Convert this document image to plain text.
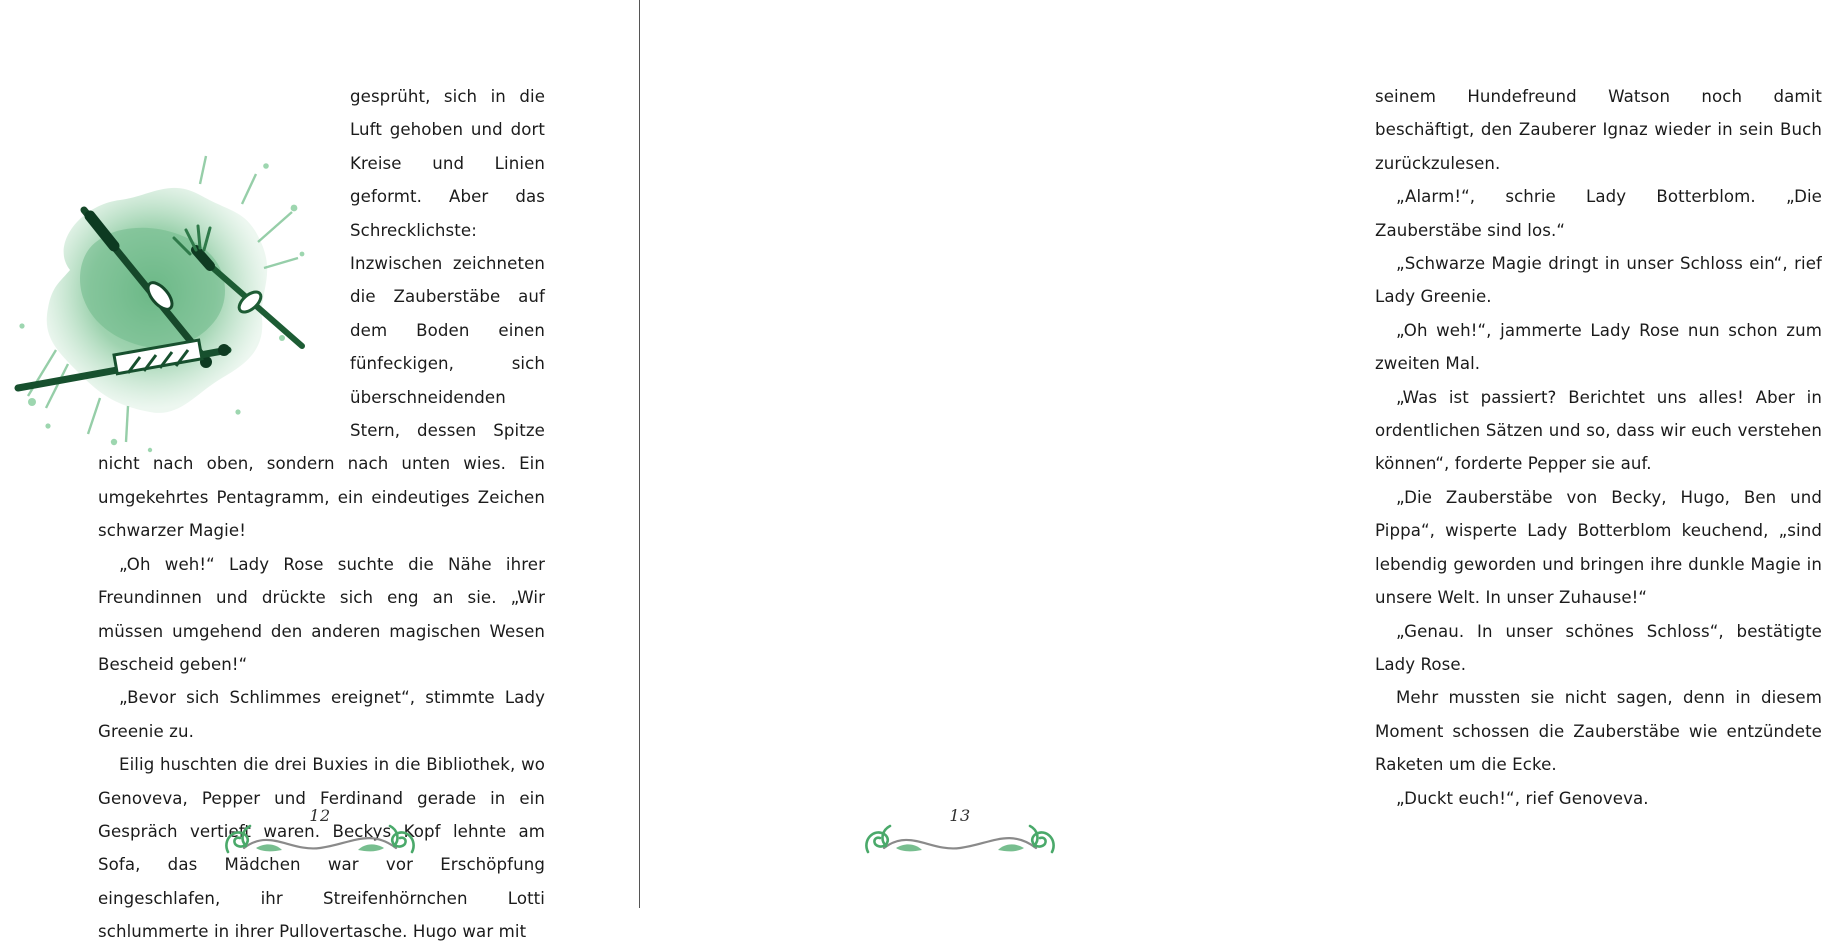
gesprüht, sich in die Luft gehoben und dort Kreise und Linien geformt. Aber das Schrecklichste: Inzwischen zeichneten die Zauberstäbe auf dem Boden einen fünfeckigen, sich überschneidenden Stern, dessen Spitze nicht nach oben, sondern nach unten wies. Ein umgekehrtes Pentagramm, ein eindeutiges Zeichen schwarzer Magie!

„Oh weh!“ Lady Rose suchte die Nähe ihrer Freundinnen und drückte sich eng an sie. „Wir müssen umgehend den anderen magischen Wesen Bescheid geben!“

„Bevor sich Schlimmes ereignet“, stimmte Lady Greenie zu.

Eilig huschten die drei Buxies in die Bibliothek, wo Genoveva, Pepper und Ferdinand gerade in ein Gespräch vertieft waren. Beckys Kopf lehnte am Sofa, das Mädchen war vor Erschöpfung eingeschlafen, ihr Streifenhörnchen Lotti schlummerte in ihrer Pullovertasche. Hugo war mit

12

seinem Hundefreund Watson noch damit beschäftigt, den Zauberer Ignaz wieder in sein Buch zurückzulesen.

„Alarm!“, schrie Lady Botterblom. „Die Zauberstäbe sind los.“

„Schwarze Magie dringt in unser Schloss ein“, rief Lady Greenie.

„Oh weh!“, jammerte Lady Rose nun schon zum zweiten Mal.

„Was ist passiert? Berichtet uns alles! Aber in ordentlichen Sätzen und so, dass wir euch verstehen können“, forderte Pepper sie auf.

„Die Zauberstäbe von Becky, Hugo, Ben und Pippa“, wisperte Lady Botterblom keuchend, „sind lebendig geworden und bringen ihre dunkle Magie in unsere Welt. In unser Zuhause!“

„Genau. In unser schönes Schloss“, bestätigte Lady Rose.

Mehr mussten sie nicht sagen, denn in diesem Moment schossen die Zauberstäbe wie entzündete Raketen um die Ecke.

„Duckt euch!“, rief Genoveva.

13
